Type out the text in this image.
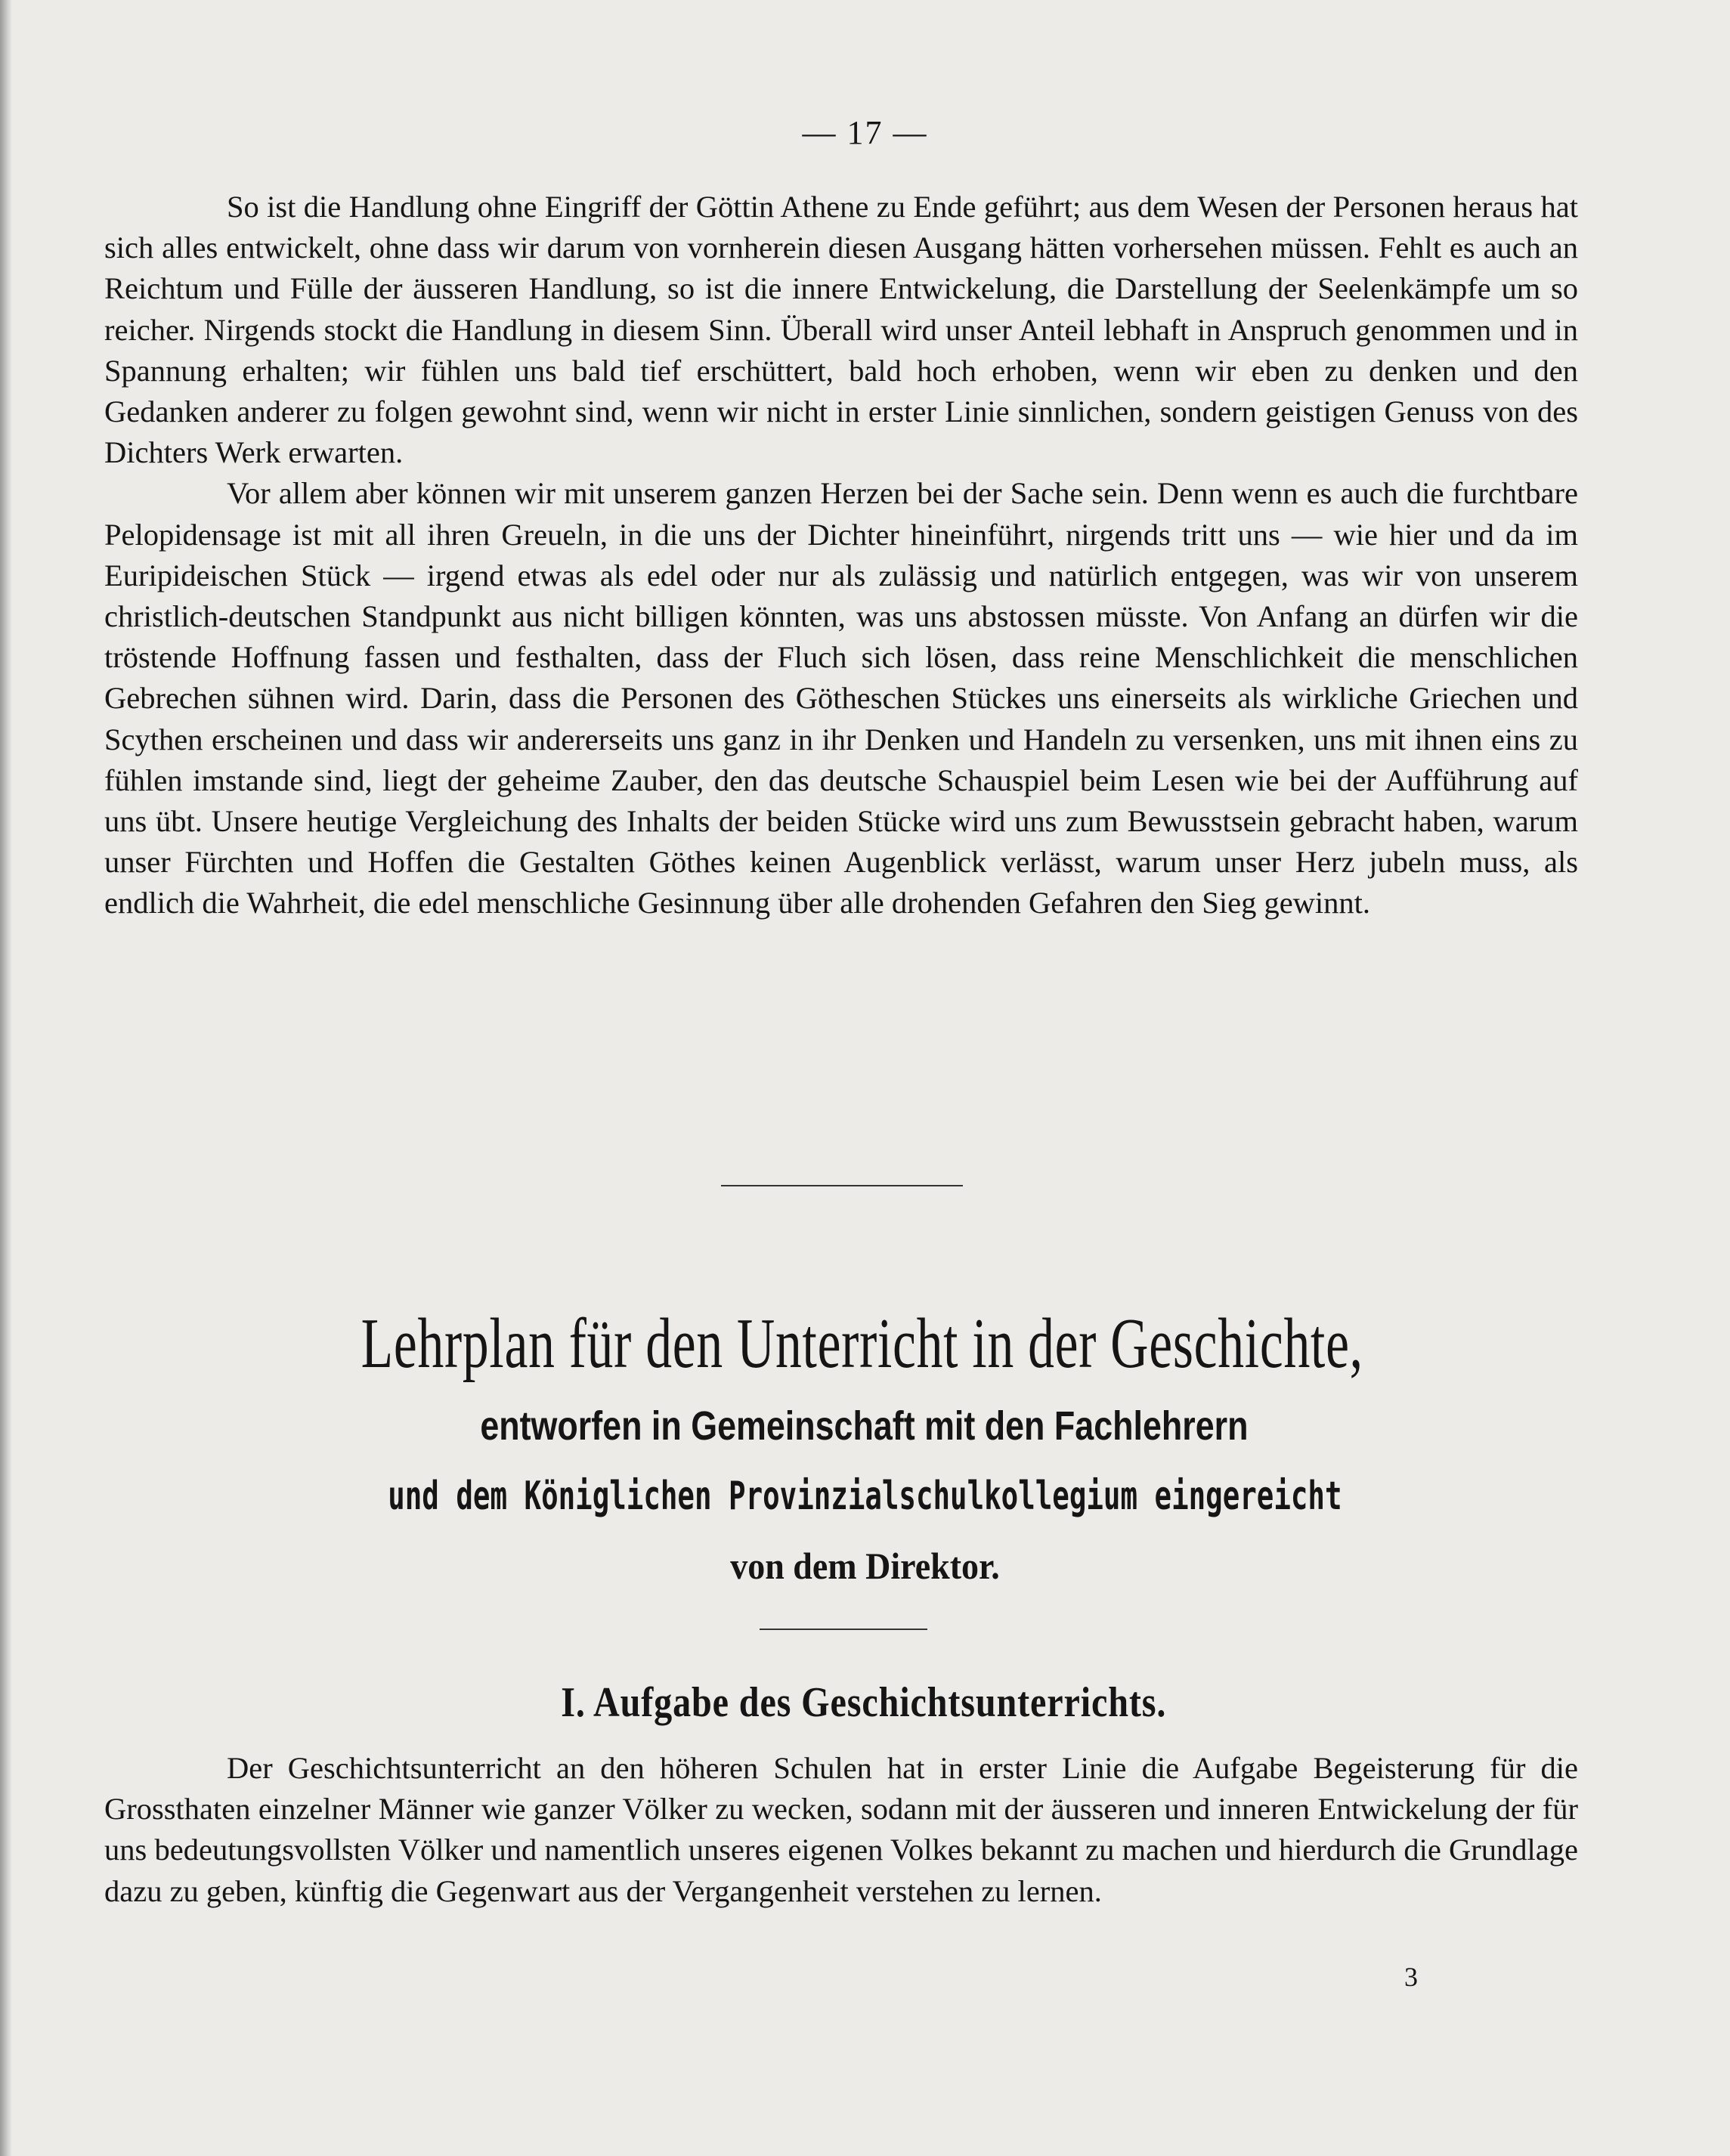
— 17 —

So ist die Handlung ohne Eingriff der Göttin Athene zu Ende geführt; aus dem Wesen der Personen heraus hat sich alles entwickelt, ohne dass wir darum von vornherein diesen Ausgang hätten vorhersehen müssen. Fehlt es auch an Reichtum und Fülle der äusseren Handlung, so ist die innere Entwickelung, die Darstellung der Seelenkämpfe um so reicher. Nirgends stockt die Handlung in diesem Sinn. Überall wird unser Anteil lebhaft in Anspruch genommen und in Spannung erhalten; wir fühlen uns bald tief erschüttert, bald hoch erhoben, wenn wir eben zu denken und den Gedanken anderer zu folgen gewohnt sind, wenn wir nicht in erster Linie sinnlichen, sondern geistigen Genuss von des Dichters Werk erwarten.

Vor allem aber können wir mit unserem ganzen Herzen bei der Sache sein. Denn wenn es auch die furchtbare Pelopidensage ist mit all ihren Greueln, in die uns der Dichter hineinführt, nirgends tritt uns — wie hier und da im Euripideischen Stück — irgend etwas als edel oder nur als zulässig und natürlich entgegen, was wir von unserem christlich-deutschen Standpunkt aus nicht billigen könnten, was uns abstossen müsste. Von Anfang an dürfen wir die tröstende Hoffnung fassen und festhalten, dass der Fluch sich lösen, dass reine Menschlichkeit die menschlichen Gebrechen sühnen wird. Darin, dass die Personen des Götheschen Stückes uns einerseits als wirkliche Griechen und Scythen erscheinen und dass wir andererseits uns ganz in ihr Denken und Handeln zu versenken, uns mit ihnen eins zu fühlen imstande sind, liegt der geheime Zauber, den das deutsche Schauspiel beim Lesen wie bei der Aufführung auf uns übt. Unsere heutige Vergleichung des Inhalts der beiden Stücke wird uns zum Bewusstsein gebracht haben, warum unser Fürchten und Hoffen die Gestalten Göthes keinen Augenblick verlässt, warum unser Herz jubeln muss, als endlich die Wahrheit, die edel menschliche Gesinnung über alle drohenden Gefahren den Sieg gewinnt.

Lehrplan für den Unterricht in der Geschichte,
entworfen in Gemeinschaft mit den Fachlehrern
und dem Königlichen Provinzialschulkollegium eingereicht
von dem Direktor.
I. Aufgabe des Geschichtsunterrichts.

Der Geschichtsunterricht an den höheren Schulen hat in erster Linie die Aufgabe Begeisterung für die Grossthaten einzelner Männer wie ganzer Völker zu wecken, sodann mit der äusseren und inneren Entwickelung der für uns bedeutungsvollsten Völker und namentlich unseres eigenen Volkes bekannt zu machen und hierdurch die Grundlage dazu zu geben, künftig die Gegenwart aus der Vergangenheit verstehen zu lernen.

3
